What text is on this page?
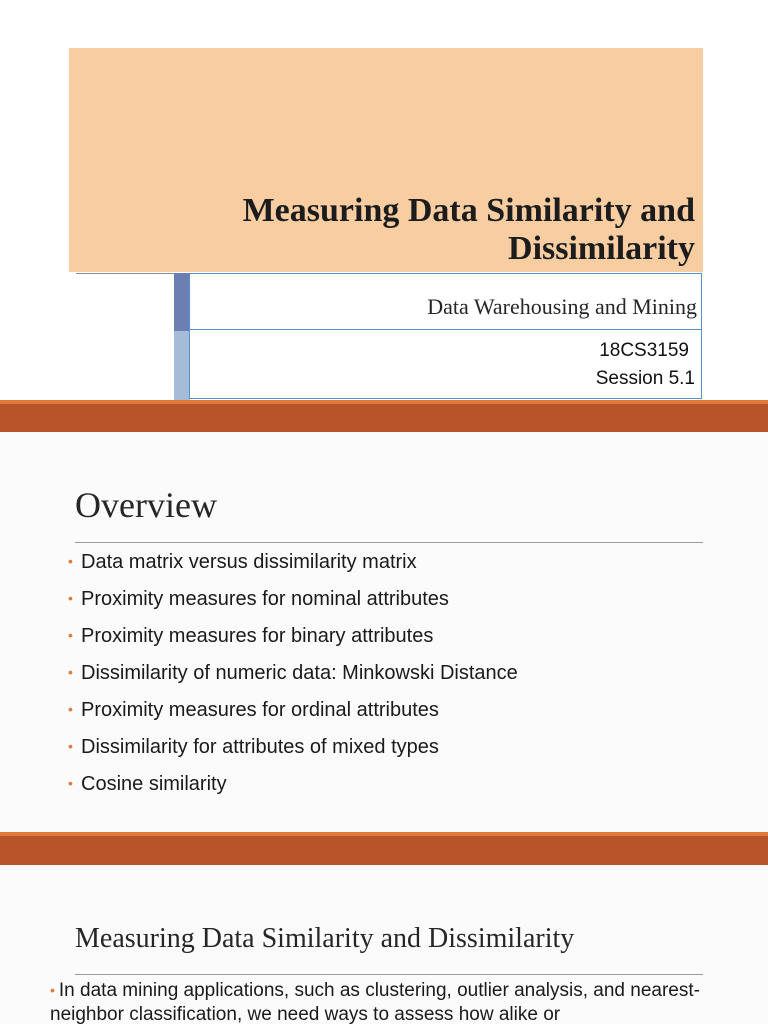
Measuring Data Similarity and Dissimilarity
Data Warehousing and Mining
18CS3159
Session 5.1
Overview
• Data matrix versus dissimilarity matrix
• Proximity measures for nominal attributes
• Proximity measures for binary attributes
• Dissimilarity of numeric data: Minkowski Distance
• Proximity measures for ordinal attributes
• Dissimilarity for attributes of mixed types
• Cosine similarity
Measuring Data Similarity and Dissimilarity

• In data mining applications, such as clustering, outlier analysis, and nearest-neighbor classification, we need ways to assess how alike or
